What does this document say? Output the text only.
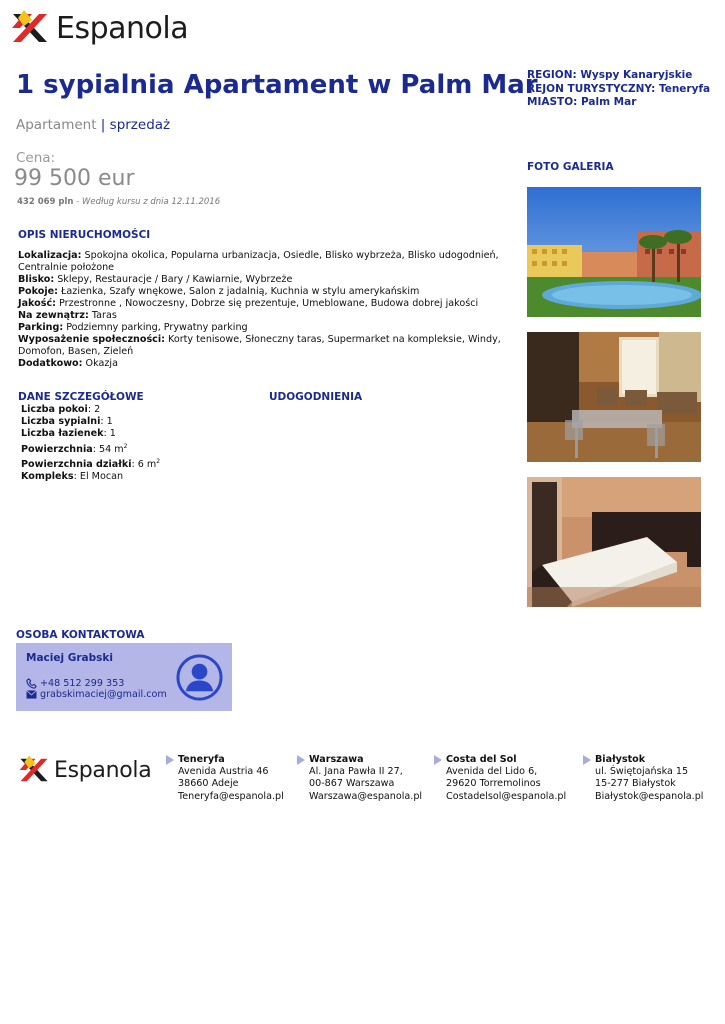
Espanola
1 sypialnia Apartament w Palm Mar
REGION: Wyspy Kanaryjskie
REJON TURYSTYCZNY: Teneryfa
MIASTO: Palm Mar
Apartament | sprzedaż
Cena:
99 500 eur
432 069 pln - Według kursu z dnia 12.11.2016
OPIS NIERUCHOMOŚCI
Lokalizacja: Spokojna okolica, Popularna urbanizacja, Osiedle, Blisko wybrzeża, Blisko udogodnień, Centralnie położone
Blisko: Sklepy, Restauracje / Bary / Kawiarnie, Wybrzeże
Pokoje: Łazienka, Szafy wnękowe, Salon z jadalnią, Kuchnia w stylu amerykańskim
Jakość: Przestronne , Nowoczesny, Dobrze się prezentuje, Umeblowane, Budowa dobrej jakości
Na zewnątrz: Taras
Parking: Podziemny parking, Prywatny parking
Wyposażenie społeczności: Korty tenisowe, Słoneczny taras, Supermarket na kompleksie, Windy, Domofon, Basen, Zieleń
Dodatkowo: Okazja
DANE SZCZEGÓŁOWE
Liczba pokoi: 2
Liczba sypialni: 1
Liczba łazienek: 1
Powierzchnia: 54 $m^2$
Powierzchnia działki: 6 $m^2$
Kompleks: El Mocan
UDOGODNIENIA
FOTO GALERIA
OSOBA KONTAKTOWA
Maciej Grabski
+48 512 299 353
grabskimaciej@gmail.com
Espanola	Teneryfa
Avenida Austria 46
38660 Adeje
Teneryfa@espanola.pl
Warszawa
Al. Jana Pawła II 27,
00-867 Warszawa
Warszawa@espanola.pl
Costa del Sol
Avenida del Lido 6,
29620 Torremolinos
Costadelsol@espanola.pl
Białystok
ul. Świętojańska 15
15-277 Białystok
Białystok@espanola.pl
